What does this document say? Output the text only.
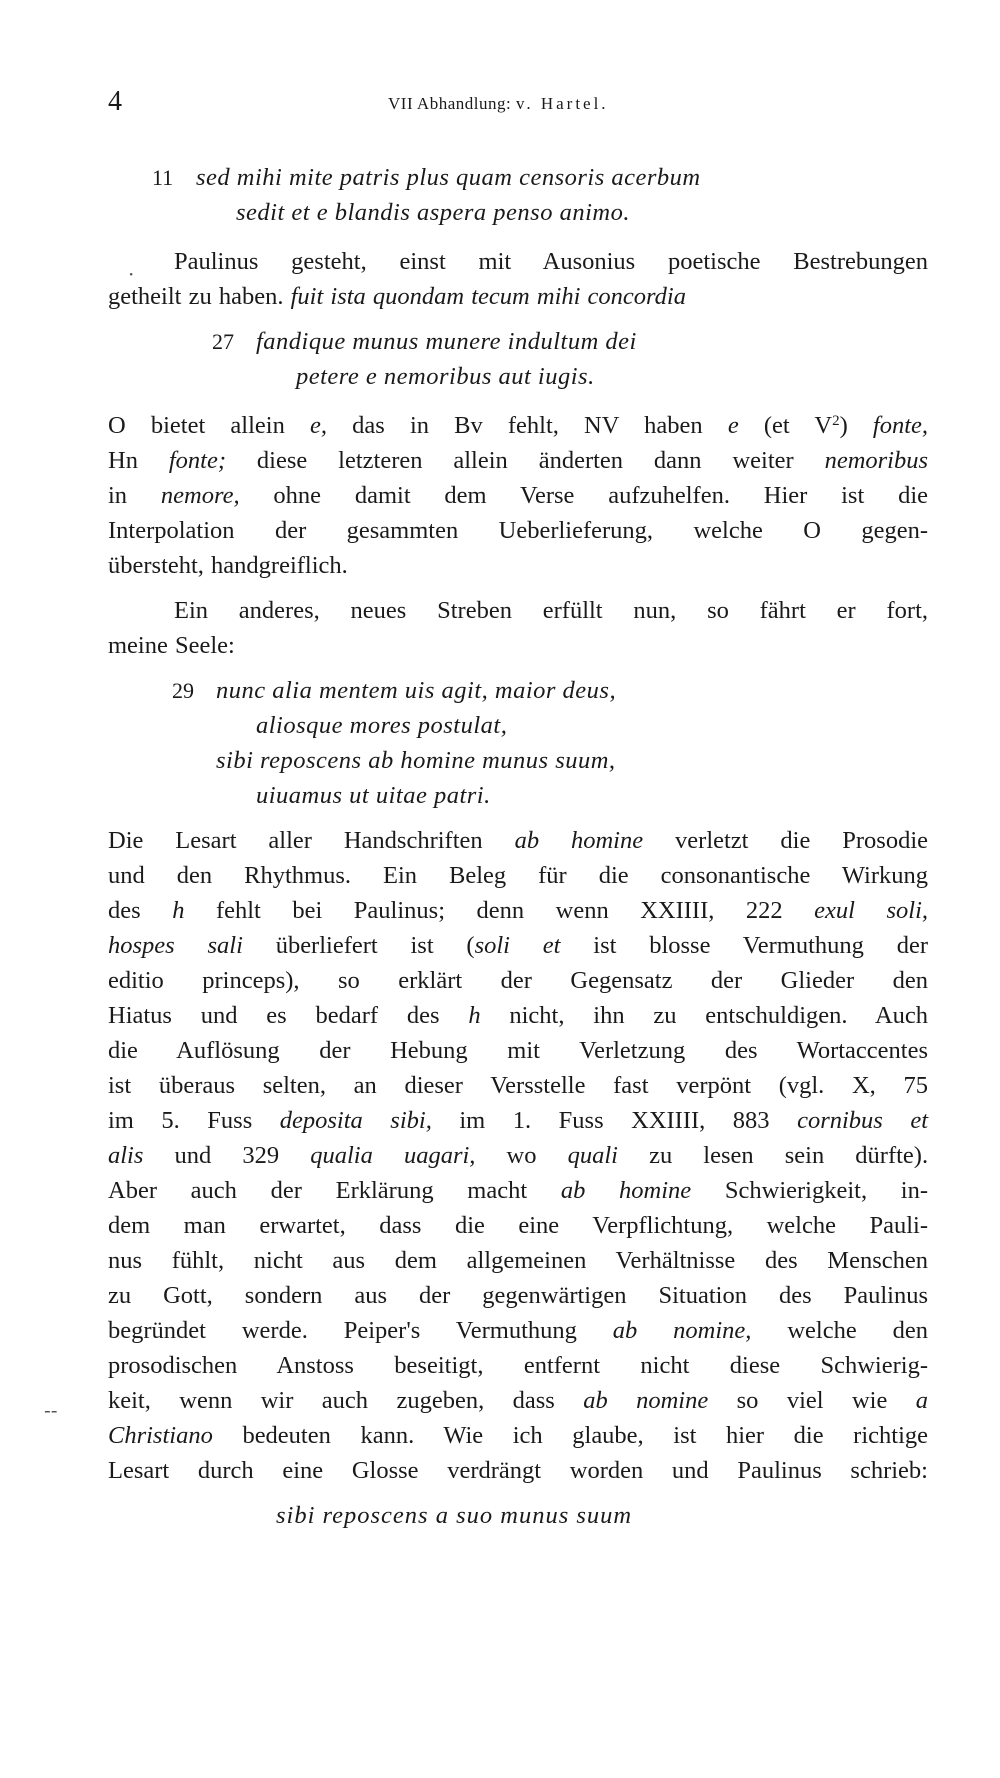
4	VII Abhandlung: v. Hartel.
11 sed mihi mite patris plus quam censoris acerbum
sedit et e blandis aspera penso animo.
Paulinus gesteht, einst mit Ausonius poetische Bestrebungen
getheilt zu haben. fuit ista quondam tecum mihi concordia
27 fandique munus munere indultum dei
petere e nemoribus aut iugis.
O bietet allein e, das in Bv fehlt, NV haben e (et $V^2$) fonte,
Hn fonte; diese letzteren allein änderten dann weiter nemoribus
in nemore, ohne damit dem Verse aufzuhelfen. Hier ist die
Interpolation der gesammten Ueberlieferung, welche O gegen-
übersteht, handgreiflich.
Ein anderes, neues Streben erfüllt nun, so fährt er fort,
meine Seele:
29 nunc alia mentem uis agit, maior deus,
aliosque mores postulat,
sibi reposcens ab homine munus suum,
uiuamus ut uitae patri.
Die Lesart aller Handschriften ab homine verletzt die Prosodie
und den Rhythmus. Ein Beleg für die consonantische Wirkung
des h fehlt bei Paulinus; denn wenn XXIIII, 222 exul soli,
hospes sali überliefert ist (soli et ist blosse Vermuthung der
editio princeps), so erklärt der Gegensatz der Glieder den
Hiatus und es bedarf des h nicht, ihn zu entschuldigen. Auch
die Auflösung der Hebung mit Verletzung des Wortaccentes
ist überaus selten, an dieser Versstelle fast verpönt (vgl. X, 75
im 5. Fuss deposita sibi, im 1. Fuss XXIIII, 883 cornibus et
alis und 329 qualia uagari, wo quali zu lesen sein dürfte).
Aber auch der Erklärung macht ab homine Schwierigkeit, in-
dem man erwartet, dass die eine Verpflichtung, welche Pauli-
nus fühlt, nicht aus dem allgemeinen Verhältnisse des Menschen
zu Gott, sondern aus der gegenwärtigen Situation des Paulinus
begründet werde. Peiper's Vermuthung ab nomine, welche den
prosodischen Anstoss beseitigt, entfernt nicht diese Schwierig-
keit, wenn wir auch zugeben, dass ab nomine so viel wie a
Christiano bedeuten kann. Wie ich glaube, ist hier die richtige
Lesart durch eine Glosse verdrängt worden und Paulinus schrieb:
sibi reposcens a suo munus suum
·
--
